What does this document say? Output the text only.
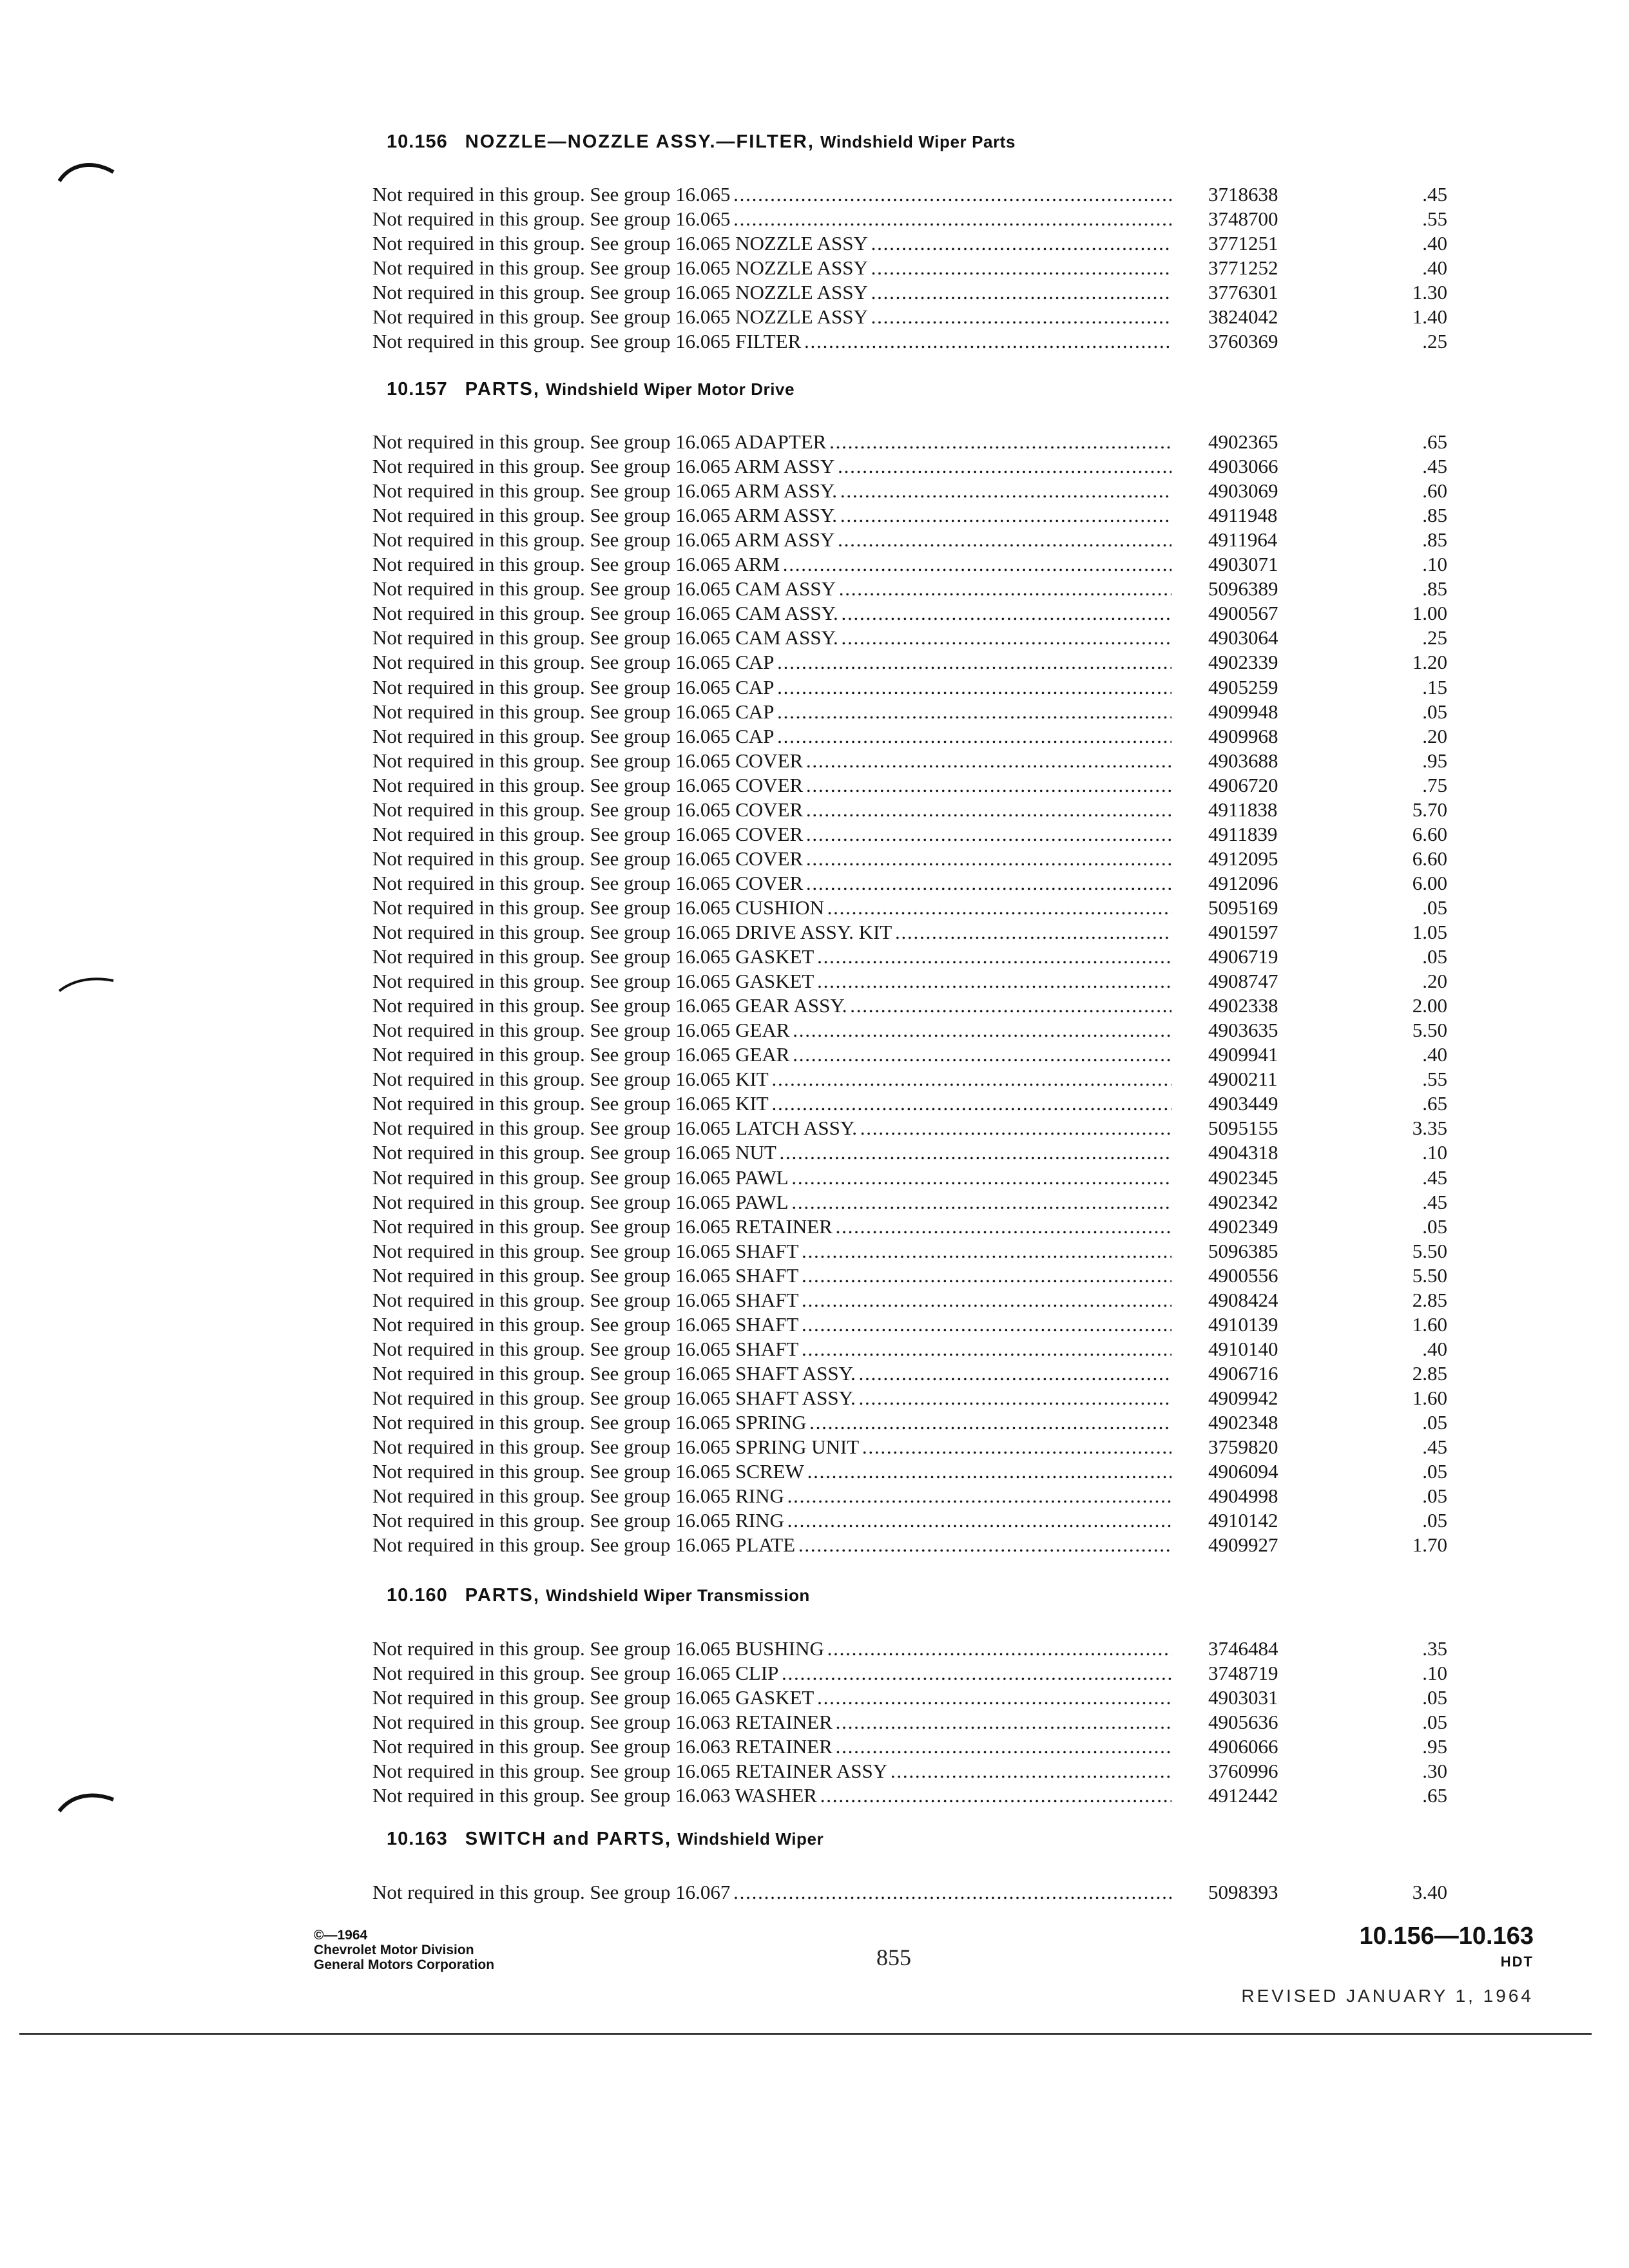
10.156 NOZZLE—NOZZLE ASSY.—FILTER, Windshield Wiper Parts
10.157 PARTS, Windshield Wiper Motor Drive
10.160 PARTS, Windshield Wiper Transmission
10.163 SWITCH and PARTS, Windshield Wiper
Not required in this group. See group 16.065 . . .	3718638	.45
Not required in this group. See group 16.065 . . .	3748700	.55
Not required in this group. See group 16.065 NOZZLE ASSY . . .	3771251	.40
Not required in this group. See group 16.065 NOZZLE ASSY . . .	3771252	.40
Not required in this group. See group 16.065 NOZZLE ASSY . . .	3776301	1.30
Not required in this group. See group 16.065 NOZZLE ASSY . . .	3824042	1.40
Not required in this group. See group 16.065 FILTER . . .	3760369	.25
Not required in this group. See group 16.065 ADAPTER . . .	4902365	.65
Not required in this group. See group 16.065 ARM ASSY . . .	4903066	.45
Not required in this group. See group 16.065 ARM ASSY. . . .	4903069	.60
Not required in this group. See group 16.065 ARM ASSY. . . .	4911948	.85
Not required in this group. See group 16.065 ARM ASSY . . .	4911964	.85
Not required in this group. See group 16.065 ARM . . .	4903071	.10
Not required in this group. See group 16.065 CAM ASSY . . .	5096389	.85
Not required in this group. See group 16.065 CAM ASSY. . . .	4900567	1.00
Not required in this group. See group 16.065 CAM ASSY. . . .	4903064	.25
Not required in this group. See group 16.065 CAP . . .	4902339	1.20
Not required in this group. See group 16.065 CAP . . .	4905259	.15
Not required in this group. See group 16.065 CAP . . .	4909948	.05
Not required in this group. See group 16.065 CAP . . .	4909968	.20
Not required in this group. See group 16.065 COVER . . .	4903688	.95
Not required in this group. See group 16.065 COVER . . .	4906720	.75
Not required in this group. See group 16.065 COVER . . .	4911838	5.70
Not required in this group. See group 16.065 COVER . . .	4911839	6.60
Not required in this group. See group 16.065 COVER . . .	4912095	6.60
Not required in this group. See group 16.065 COVER . . .	4912096	6.00
Not required in this group. See group 16.065 CUSHION . . .	5095169	.05
Not required in this group. See group 16.065 DRIVE ASSY. KIT . . .	4901597	1.05
Not required in this group. See group 16.065 GASKET . . .	4906719	.05
Not required in this group. See group 16.065 GASKET . . .	4908747	.20
Not required in this group. See group 16.065 GEAR ASSY. . . .	4902338	2.00
Not required in this group. See group 16.065 GEAR . . .	4903635	5.50
Not required in this group. See group 16.065 GEAR . . .	4909941	.40
Not required in this group. See group 16.065 KIT . . .	4900211	.55
Not required in this group. See group 16.065 KIT . . .	4903449	.65
Not required in this group. See group 16.065 LATCH ASSY. . . .	5095155	3.35
Not required in this group. See group 16.065 NUT . . .	4904318	.10
Not required in this group. See group 16.065 PAWL . . .	4902345	.45
Not required in this group. See group 16.065 PAWL . . .	4902342	.45
Not required in this group. See group 16.065 RETAINER . . .	4902349	.05
Not required in this group. See group 16.065 SHAFT . . .	5096385	5.50
Not required in this group. See group 16.065 SHAFT . . .	4900556	5.50
Not required in this group. See group 16.065 SHAFT . . .	4908424	2.85
Not required in this group. See group 16.065 SHAFT . . .	4910139	1.60
Not required in this group. See group 16.065 SHAFT . . .	4910140	.40
Not required in this group. See group 16.065 SHAFT ASSY. . . .	4906716	2.85
Not required in this group. See group 16.065 SHAFT ASSY. . . .	4909942	1.60
Not required in this group. See group 16.065 SPRING . . .	4902348	.05
Not required in this group. See group 16.065 SPRING UNIT . . .	3759820	.45
Not required in this group. See group 16.065 SCREW . . .	4906094	.05
Not required in this group. See group 16.065 RING . . .	4904998	.05
Not required in this group. See group 16.065 RING . . .	4910142	.05
Not required in this group. See group 16.065 PLATE . . .	4909927	1.70
Not required in this group. See group 16.065 BUSHING . . .	3746484	.35
Not required in this group. See group 16.065 CLIP . . .	3748719	.10
Not required in this group. See group 16.065 GASKET . . .	4903031	.05
Not required in this group. See group 16.063 RETAINER . . .	4905636	.05
Not required in this group. See group 16.063 RETAINER . . .	4906066	.95
Not required in this group. See group 16.065 RETAINER ASSY . . .	3760996	.30
Not required in this group. See group 16.063 WASHER . . .	4912442	.65
Not required in this group. See group 16.067 . . .	5098393	3.40
©—1964
Chevrolet Motor Division
General Motors Corporation	855
10.156—10.163
HDT
REVISED JANUARY 1, 1964
